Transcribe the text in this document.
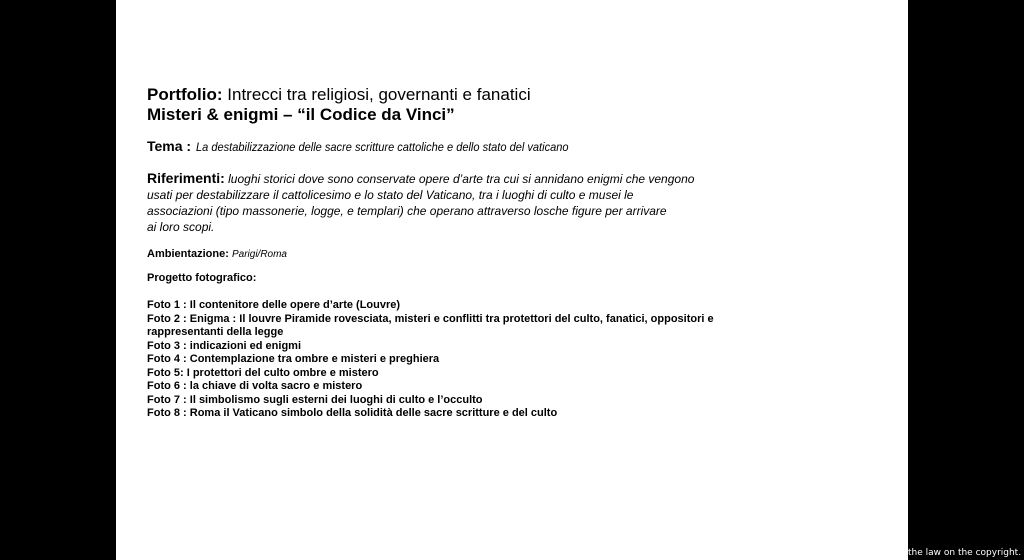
Portfolio: Intrecci tra religiosi, governanti e fanatici
Misteri & enigmi – “il Codice da Vinci”
Tema : La destabilizzazione delle sacre scritture cattoliche e dello stato del vaticano
Riferimenti: luoghi storici dove sono conservate opere d’arte tra cui si annidano enigmi che vengono
usati per destabilizzare il cattolicesimo e lo stato del Vaticano, tra i luoghi di culto e musei le
associazioni (tipo massonerie, logge, e templari) che operano attraverso losche figure per arrivare
ai loro scopi.
Ambientazione: Parigi/Roma
Progetto fotografico:
Foto 1 : Il contenitore delle opere d’arte (Louvre)
Foto 2 : Enigma : Il louvre Piramide rovesciata, misteri e conflitti tra protettori del culto, fanatici, oppositori e rappresentanti della legge
Foto 3 : indicazioni ed enigmi
Foto 4 : Contemplazione tra ombre e misteri e preghiera
Foto 5: I protettori del culto ombre e mistero
Foto 6 : la chiave di volta sacro e mistero
Foto 7 : Il simbolismo sugli esterni dei luoghi di culto e l’occulto
Foto 8 : Roma il Vaticano simbolo della solidità delle sacre scritture e del culto
the law on the copyright.
